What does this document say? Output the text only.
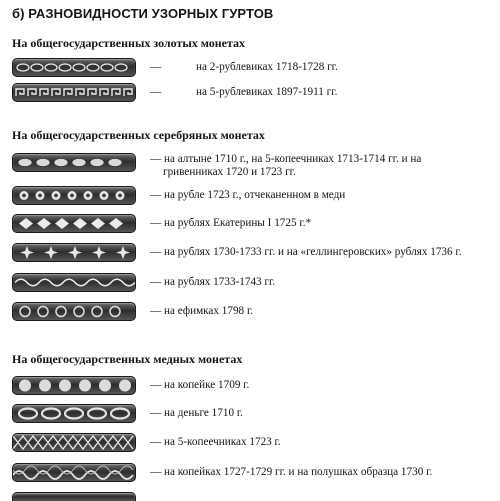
б) РАЗНОВИДНОСТИ УЗОРНЫХ ГУРТОВ
На общегосударственных золотых монетах
—	на 2-рублевиках 1718-1728 гг.
—	на 5-рублевиках 1897-1911 гг.
На общегосударственных серебряных монетах
— на алтыне 1710 г., на 5-копеечниках 1713-1714 гг. и на
гривенниках 1720 и 1723 гг.
— на рубле 1723 г., отчеканенном в меди
— на рублях Екатерины I 1725 г.*
— на рублях 1730-1733 гг. и на «геллингеровских» рублях 1736 г.
— на рублях 1733-1743 гг.
— на ефимках 1798 г.
На общегосударственных медных монетах
— на копейке 1709 г.
— на деньге 1710 г.
— на 5-копеечниках 1723 г.
— на копейках 1727-1729 гг. и на полушках образца 1730 г.
